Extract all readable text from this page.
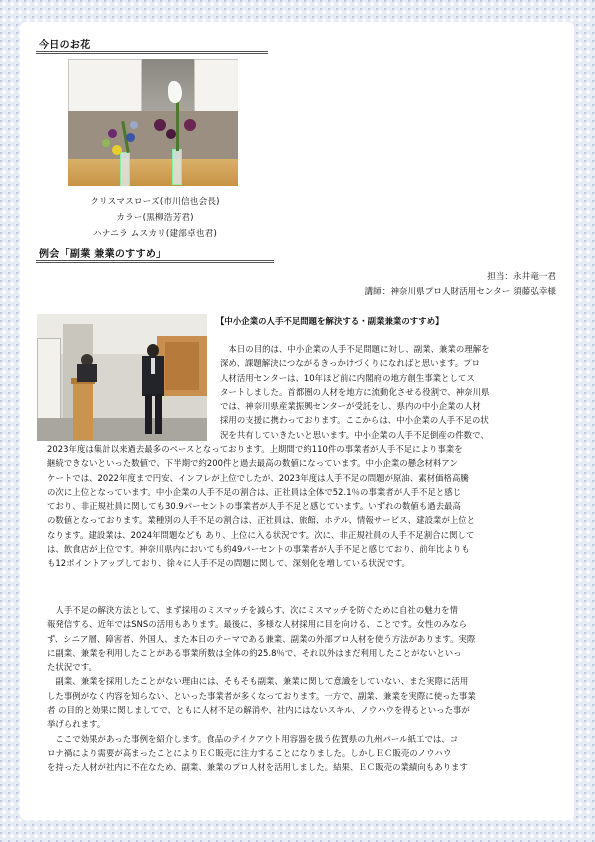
今日のお花
クリスマスローズ(市川信也会長)
カラー(黒柳浩芳君)
ハナニラ ムスカリ(建部卓也君)
例会「副業 兼業のすすめ」
担当：永井竜一君
講師：神奈川県プロ人財活用センター 須藤弘幸様
【中小企業の人手不足問題を解決する・副業兼業のすすめ】

　本日の目的は、中小企業の人手不足問題に対し、副業、兼業の理解を

深め、課題解決につながるきっかけづくりになればと思います。プロ

人材活用センターは、10年ほど前に内閣府の地方創生事業としてス

タートしました。首都圏の人材を地方に流動化させる役割で、神奈川県

では、神奈川県産業振興センターが受託をし、県内の中小企業の人材

採用の支援に携わっております。ここからは、中小企業の人手不足の状

況を共有していきたいと思います。中小企業の人手不足倒産の件数で、

2023年度は集計以来過去最多のペースとなっております。上期間で約110件の事業者が人手不足により事業を

継続できないといった数値で、下半期で約200件と過去最高の数値になっています。中小企業の懸念材料アン

ケートでは、2022年度まで円安、インフレが上位でしたが、2023年度は人手不足の問題が原油、素材価格高騰

の次に上位となっています。中小企業の人手不足の割合は、正社員は全体で52.1％の事業者が人手不足と感じ

ており、非正規社員に関しても30.9パーセントの事業者が人手不足と感じています。いずれの数値も過去最高

の数値となっております。業種別の人手不足の割合は、正社員は、旅館、ホテル、情報サービス、建設業が上位と

なります。建設業は、2024年問題なども あり、上位に入る状況です。次に、非正規社員の人手不足割合に関して

は、飲食店が上位です。神奈川県内においても約49パーセントの事業者が人手不足と感じており、前年比よりも

も12ポイントアップしており、徐々に人手不足の問題に関して、深刻化を増している状況です。

　人手不足の解決方法として、まず採用のミスマッチを減らす、次にミスマッチを防ぐために自社の魅力を情

報発信する、近年ではSNSの活用もあります。最後に、多様な人材採用に目を向ける、ことです。女性のみなら

ず、シニア層、障害者、外国人、また本日のテーマである兼業、副業の外部プロ人材を使う方法があります。実際

に副業、兼業を利用したことがある事業所数は全体の約25.8％で、それ以外はまだ利用したことがないといっ

た状況です。

　副業、兼業を採用したことがない理由には、そもそも副業、兼業に関して意識をしていない、また実際に活用

した事例がなく内容を知らない、といった事業者が多くなっております。一方で、副業、兼業を実際に使った事業

者 の目的と効果に関しましてで、ともに人材不足の解消や、社内にはないスキル、ノウハウを得るといった事が

挙げられます。

　ここで効果があった事例を紹介します。食品のテイクアウト用容器を扱う佐賀県の九州パール紙工では、コ

ロナ禍により需要が高まったことによりＥＣ販売に注力することになりました。しかしＥＣ販売のノウハウ

を持った人材が社内に不在なため、副業、兼業のプロ人材を活用しました。結果、ＥＣ販売の業績向もあります
